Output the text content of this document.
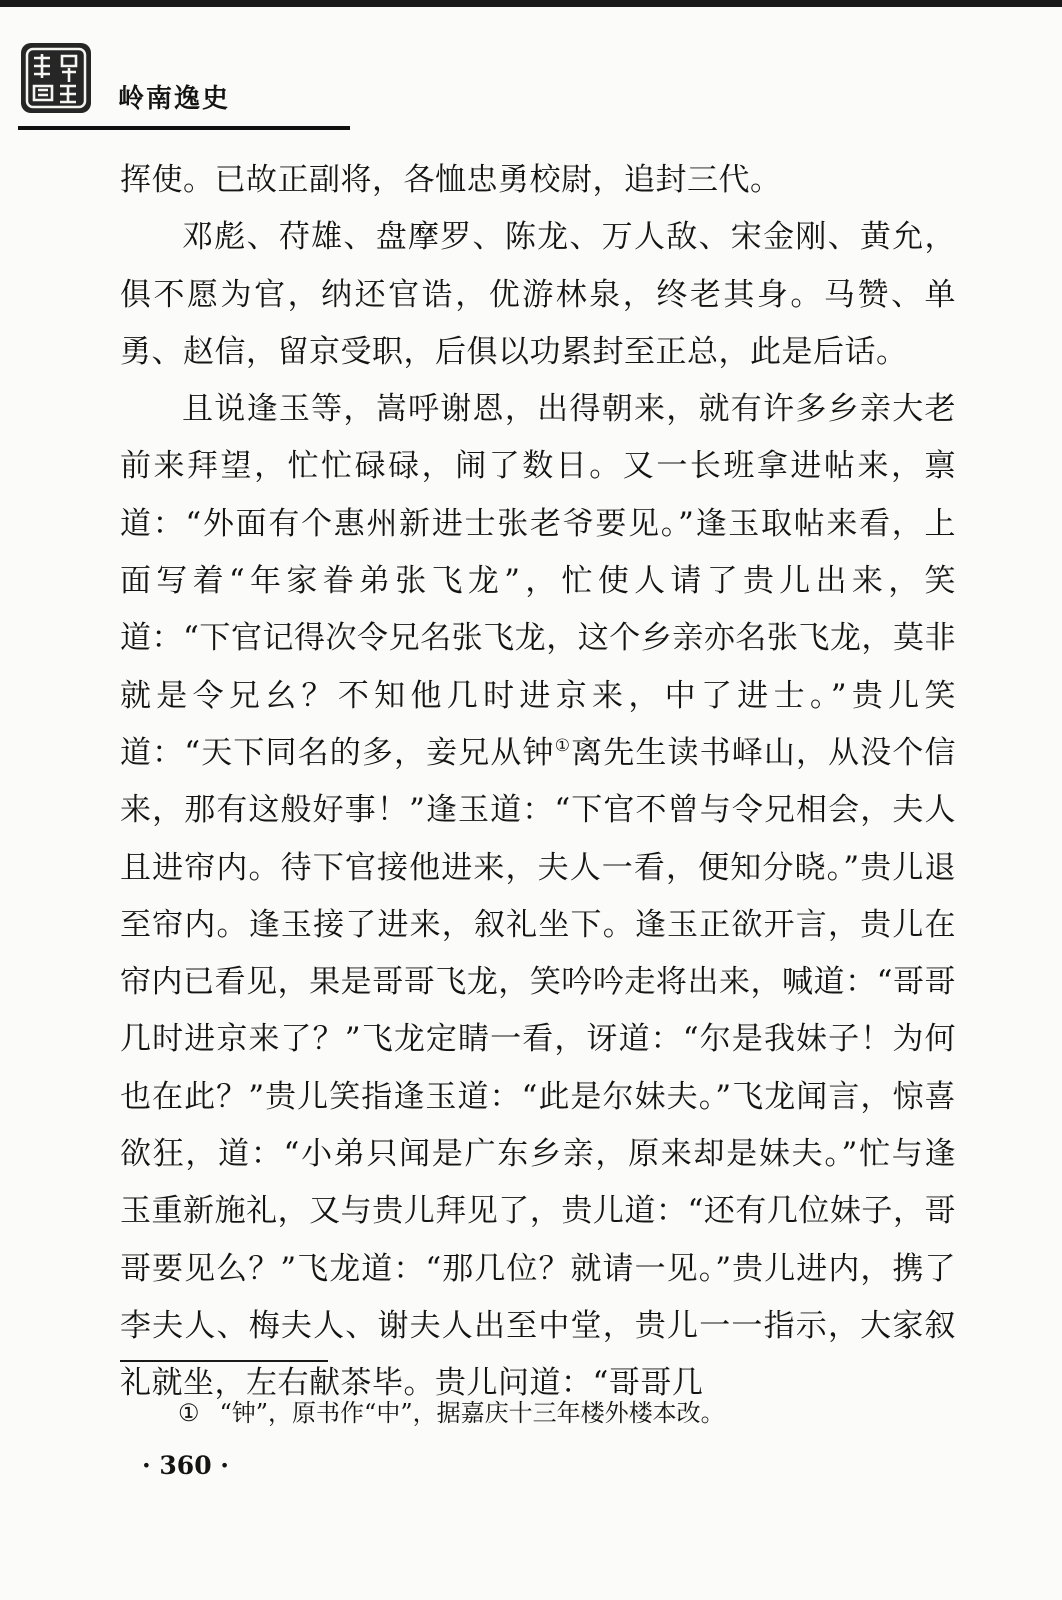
岭南逸史

挥使。已故正副将，各恤忠勇校尉，追封三代。

邓彪、苻雄、盘摩罗、陈龙、万人敌、宋金刚、黄允，俱不愿为官，纳还官诰，优游林泉，终老其身。马赞、单勇、赵信，留京受职，后俱以功累封至正总，此是后话。

且说逢玉等，嵩呼谢恩，出得朝来，就有许多乡亲大老前来拜望，忙忙碌碌，闹了数日。又一长班拿进帖来，禀道：“外面有个惠州新进士张老爷要见。”逢玉取帖来看，上面写着“年家眷弟张飞龙”，忙使人请了贵儿出来，笑道：“下官记得次令兄名张飞龙，这个乡亲亦名张飞龙，莫非就是令兄幺？不知他几时进京来，中了进士。”贵儿笑道：“天下同名的多，妾兄从钟①离先生读书峄山，从没个信来，那有这般好事！”逢玉道：“下官不曾与令兄相会，夫人且进帘内。待下官接他进来，夫人一看，便知分晓。”贵儿退至帘内。逢玉接了进来，叙礼坐下。逢玉正欲开言，贵儿在帘内已看见，果是哥哥飞龙，笑吟吟走将出来，喊道：“哥哥几时进京来了？”飞龙定睛一看，讶道：“尔是我妹子！为何也在此？”贵儿笑指逢玉道：“此是尔妹夫。”飞龙闻言，惊喜欲狂，道：“小弟只闻是广东乡亲，原来却是妹夫。”忙与逢玉重新施礼，又与贵儿拜见了，贵儿道：“还有几位妹子，哥哥要见么？”飞龙道：“那几位？就请一见。”贵儿进内，携了李夫人、梅夫人、谢夫人出至中堂，贵儿一一指示，大家叙礼就坐，左右献茶毕。贵儿问道：“哥哥几

① “钟”，原书作“中”，据嘉庆十三年楼外楼本改。
· 360 ·
